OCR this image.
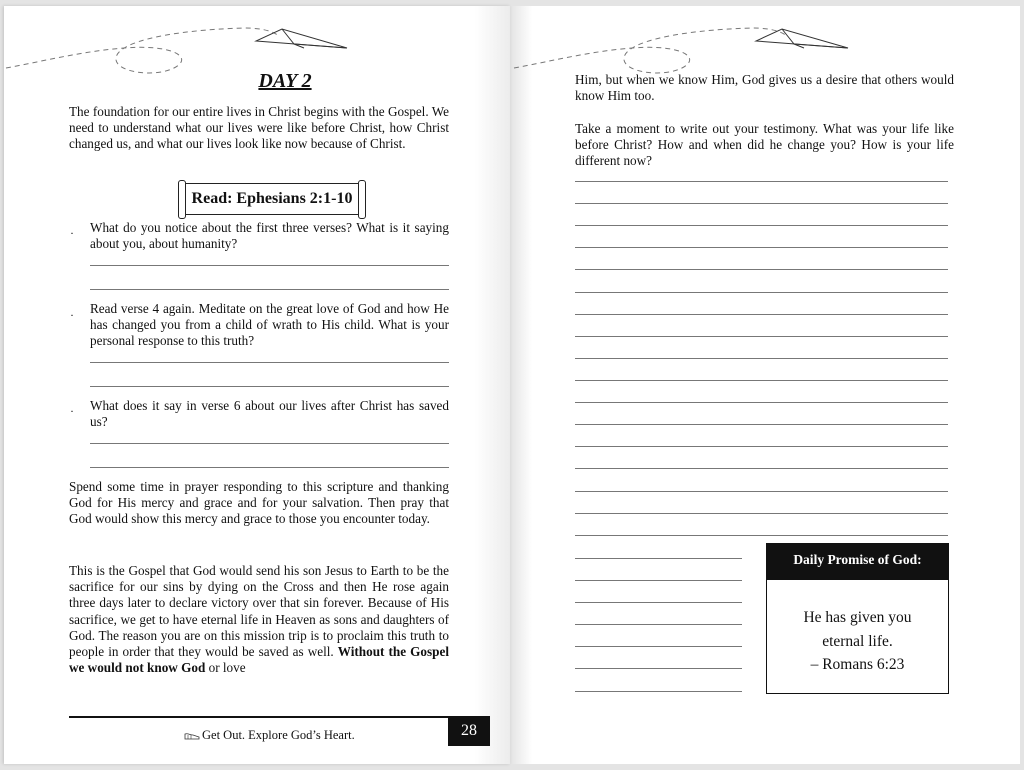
DAY 2

The foundation for our entire lives in Christ begins with the Gospel. We need to understand what our lives were like before Christ, how Christ changed us, and what our lives look like now because of Christ.

Read: Ephesians 2:1-10
· What do you notice about the first three verses? What is it saying about you, about humanity?

· Read verse 4 again. Meditate on the great love of God and how He has changed you from a child of wrath to His child. What is your personal response to this truth?

· What does it say in verse 6 about our lives after Christ has saved us?

Spend some time in prayer responding to this scripture and thanking God for His mercy and grace and for your salvation. Then pray that God would show this mercy and grace to those you encounter today.

This is the Gospel that God would send his son Jesus to Earth to be the sacrifice for our sins by dying on the Cross and then He rose again three days later to declare victory over that sin forever. Because of His sacrifice, we get to have eternal life in Heaven as sons and daughters of God. The reason you are on this mission trip is to proclaim this truth to people in order that they would be saved as well. Without the Gospel we would not know God or love

Get Out. Explore God’s Heart.	28

Him, but when we know Him, God gives us a desire that others would know Him too.

Take a moment to write out your testimony. What was your life like before Christ? How and when did he change you? How is your life different now?

Daily Promise of God:
He has given you
eternal life.
– Romans 6:23
